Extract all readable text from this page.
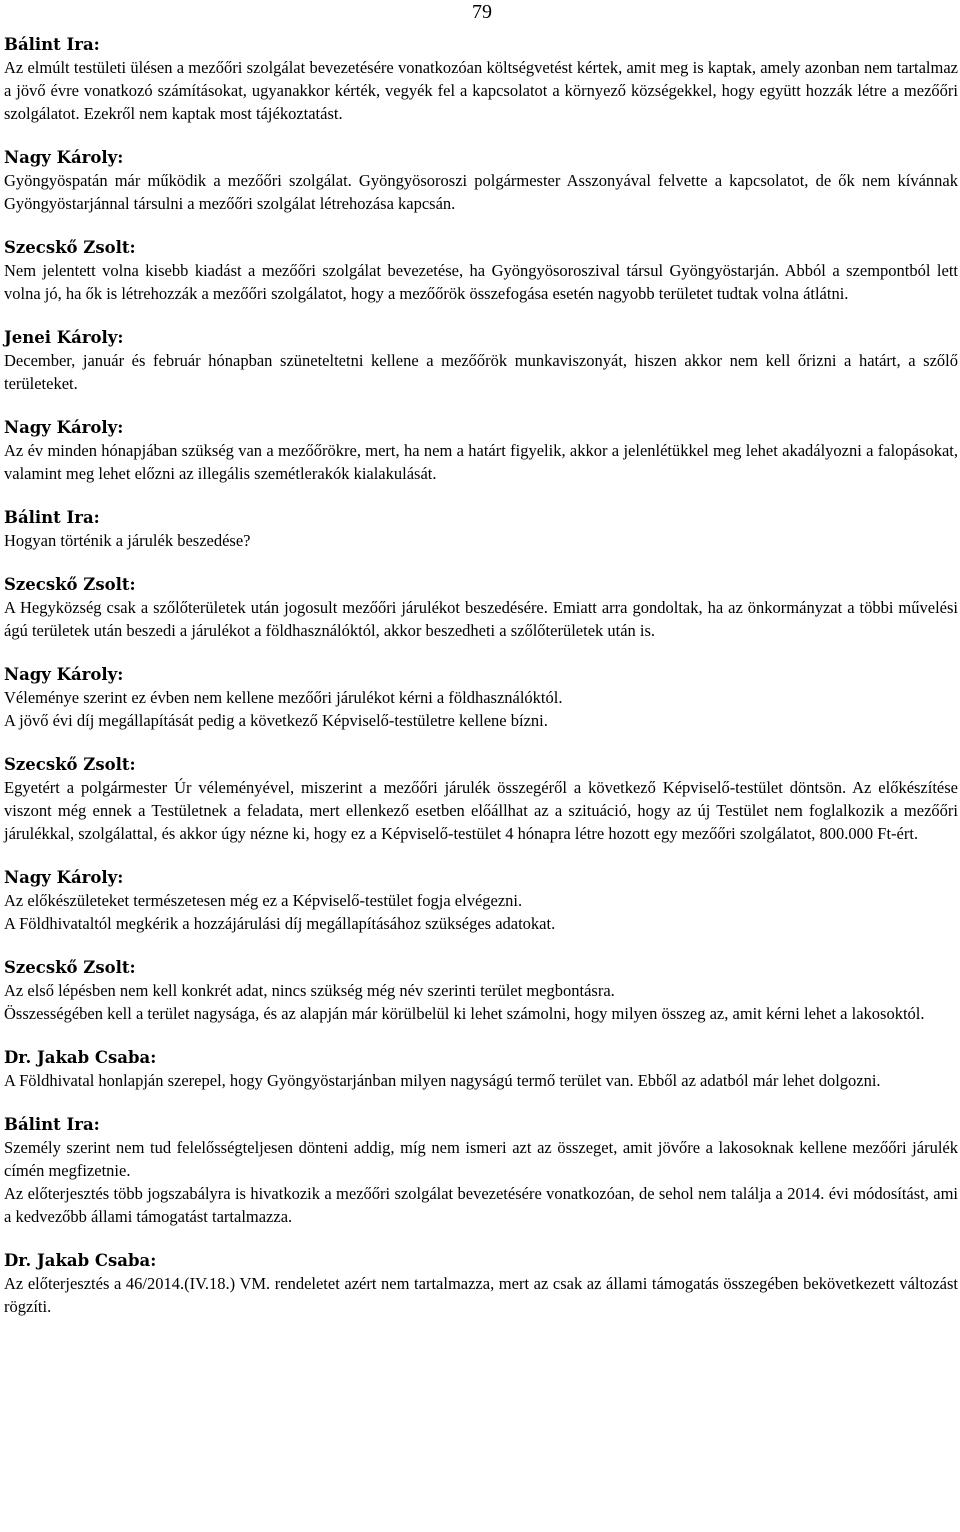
79

Bálint Ira:

Az elmúlt testületi ülésen a mezőőri szolgálat bevezetésére vonatkozóan költségvetést kértek, amit meg is kaptak, amely azonban nem tartalmaz a jövő évre vonatkozó számításokat, ugyanakkor kérték, vegyék fel a kapcsolatot a környező községekkel, hogy együtt hozzák létre a mezőőri szolgálatot. Ezekről nem kaptak most tájékoztatást.

Nagy Károly:

Gyöngyöspatán már működik a mezőőri szolgálat. Gyöngyösoroszi polgármester Asszonyával felvette a kapcsolatot, de ők nem kívánnak Gyöngyöstarjánnal társulni a mezőőri szolgálat létrehozása kapcsán.

Szecskő Zsolt:

Nem jelentett volna kisebb kiadást a mezőőri szolgálat bevezetése, ha Gyöngyösoroszival társul Gyöngyöstarján. Abból a szempontból lett volna jó, ha ők is létrehozzák a mezőőri szolgálatot, hogy a mezőőrök összefogása esetén nagyobb területet tudtak volna átlátni.

Jenei Károly:

December, január és február hónapban szüneteltetni kellene a mezőőrök munkaviszonyát, hiszen akkor nem kell őrizni a határt, a szőlő területeket.

Nagy Károly:

Az év minden hónapjában szükség van a mezőőrökre, mert, ha nem a határt figyelik, akkor a jelenlétükkel meg lehet akadályozni a falopásokat, valamint meg lehet előzni az illegális szemétlerakók kialakulását.

Bálint Ira:

Hogyan történik a járulék beszedése?

Szecskő Zsolt:

A Hegyközség csak a szőlőterületek után jogosult mezőőri járulékot beszedésére. Emiatt arra gondoltak, ha az önkormányzat a többi művelési ágú területek után beszedi a járulékot a földhasználóktól, akkor beszedheti a szőlőterületek után is.

Nagy Károly:

Véleménye szerint ez évben nem kellene mezőőri járulékot kérni a földhasználóktól.

A jövő évi díj megállapítását pedig a következő Képviselő-testületre kellene bízni.

Szecskő Zsolt:

Egyetért a polgármester Úr véleményével, miszerint a mezőőri járulék összegéről a következő Képviselő-testület döntsön. Az előkészítése viszont még ennek a Testületnek a feladata, mert ellenkező esetben előállhat az a szituáció, hogy az új Testület nem foglalkozik a mezőőri járulékkal, szolgálattal, és akkor úgy nézne ki, hogy ez a Képviselő-testület 4 hónapra létre hozott egy mezőőri szolgálatot, 800.000 Ft-ért.

Nagy Károly:

Az előkészületeket természetesen még ez a Képviselő-testület fogja elvégezni.

A Földhivataltól megkérik a hozzájárulási díj megállapításához szükséges adatokat.

Szecskő Zsolt:

Az első lépésben nem kell konkrét adat, nincs szükség még név szerinti terület megbontásra.

Összességében kell a terület nagysága, és az alapján már körülbelül ki lehet számolni, hogy milyen összeg az, amit kérni lehet a lakosoktól.

Dr. Jakab Csaba:

A Földhivatal honlapján szerepel, hogy Gyöngyöstarjánban milyen nagyságú termő terület van. Ebből az adatból már lehet dolgozni.

Bálint Ira:

Személy szerint nem tud felelősségteljesen dönteni addig, míg nem ismeri azt az összeget, amit jövőre a lakosoknak kellene mezőőri járulék címén megfizetnie.

Az előterjesztés több jogszabályra is hivatkozik a mezőőri szolgálat bevezetésére vonatkozóan, de sehol nem találja a 2014. évi módosítást, ami a kedvezőbb állami támogatást tartalmazza.

Dr. Jakab Csaba:

Az előterjesztés a 46/2014.(IV.18.) VM. rendeletet azért nem tartalmazza, mert az csak az állami támogatás összegében bekövetkezett változást rögzíti.
